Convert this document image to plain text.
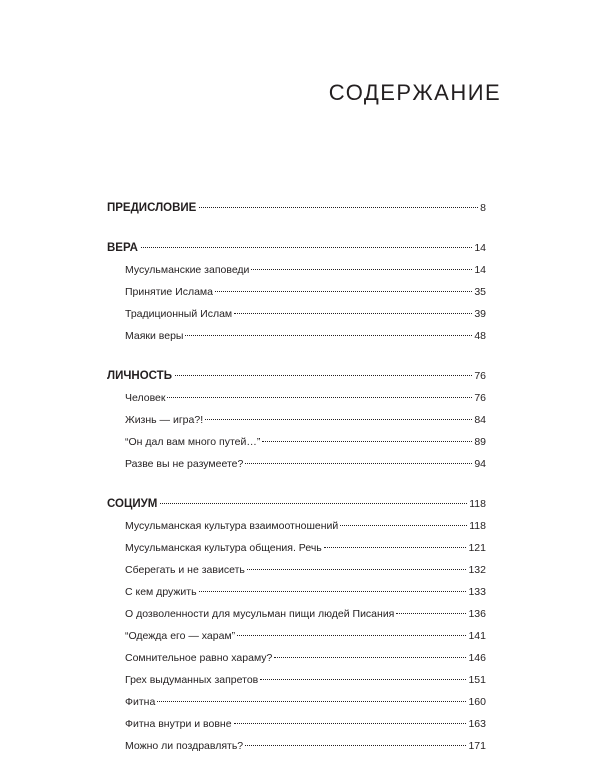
СОДЕРЖАНИЕ
ПРЕДИСЛОВИЕ	8
ВЕРА	14
Мусульманские заповеди	14
Принятие Ислама	35
Традиционный Ислам	39
Маяки веры	48
ЛИЧНОСТЬ	76
Человек	76
Жизнь — игра?!	84
“Он дал вам много путей…”	89
Разве вы не разумеете?	94
СОЦИУМ	118
Мусульманская культура взаимоотношений	118
Мусульманская культура общения. Речь	121
Сберегать и не зависеть	132
С кем дружить	133
О дозволенности для мусульман пищи людей Писания	136
“Одежда его — харам”	141
Сомнительное равно хараму?	146
Грех выдуманных запретов	151
Фитна	160
Фитна внутри и вовне	163
Можно ли поздравлять?	171
